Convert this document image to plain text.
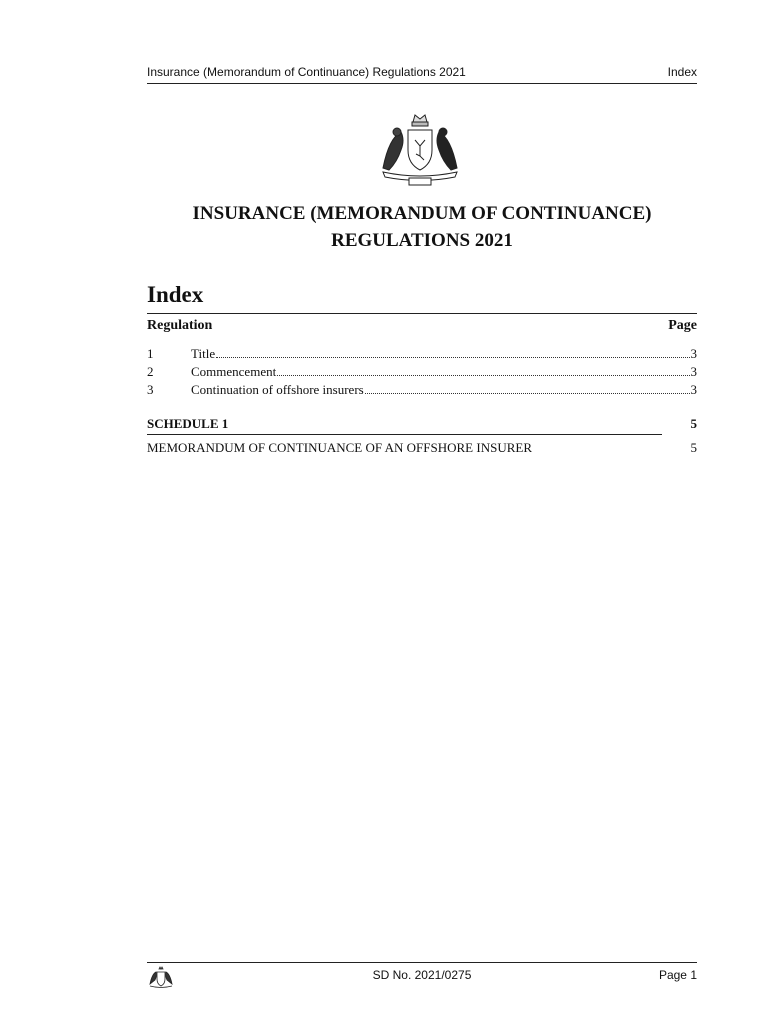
Insurance (Memorandum of Continuance) Regulations 2021	Index
INSURANCE (MEMORANDUM OF CONTINUANCE)
REGULATIONS 2021
Index
Regulation	Page
1	Title	3
2	Commencement	3
3	Continuation of offshore insurers	3
SCHEDULE 1	5
MEMORANDUM OF CONTINUANCE OF AN OFFSHORE INSURER	5
SD No. 2021/0275	Page 1
